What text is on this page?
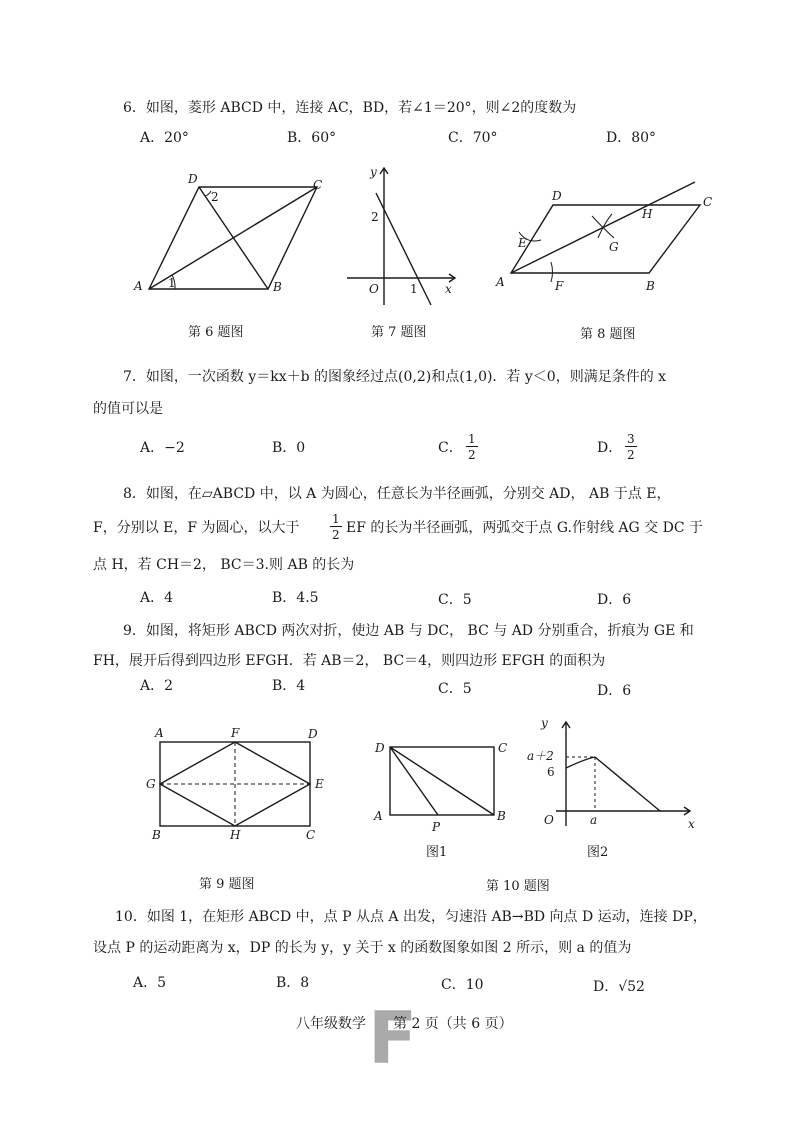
6．如图，菱形 ABCD 中，连接 AC，BD，若∠1＝20°，则∠2的度数为
A．20°	B．60°	C．70°	D．80°
D	C
2
A 1	B
y
2
O	1 x
D	C
H
E	G
A	F	B
第 6 题图	第 7 题图	第 8 题图
7．如图，一次函数 y＝kx＋b 的图象经过点(0,2)和点(1,0)．若 y＜0，则满足条件的 x
的值可以是
A．−2	B．0	C． $\frac{1}{2}$	D． $\frac{3}{2}$
8．如图，在▱ABCD 中，以 A 为圆心，任意长为半径画弧，分别交 AD， AB 于点 E，
F，分别以 E，F 为圆心，以大于	$\frac{1}{2}$ EF 的长为半径画弧，两弧交于点 G.作射线 AG 交 DC 于
点 H，若 CH＝2， BC＝3.则 AB 的长为
A．4	B．4.5	C．5	D．6
9．如图，将矩形 ABCD 两次对折，使边 AB 与 DC， BC 与 AD 分别重合，折痕为 GE 和
FH，展开后得到四边形 EFGH．若 AB＝2， BC＝4，则四边形 EFGH 的面积为
A．2	B．4	C．5	D．6
A	F	D
G	E
B	H	C
D	C
A
P
B
y
a＋2
6
O	a	x
图1	图2
第 9 题图	第 10 题图
10．如图 1，在矩形 ABCD 中，点 P 从点 A 出发，匀速沿 AB→BD 向点 D 运动，连接 DP，
设点 P 的运动距离为 x，DP 的长为 y，y 关于 x 的函数图象如图 2 所示，则 a 的值为
A．5	B．8	C．10	D．√52
F
八年级数学 第 2 页（共 6 页）
